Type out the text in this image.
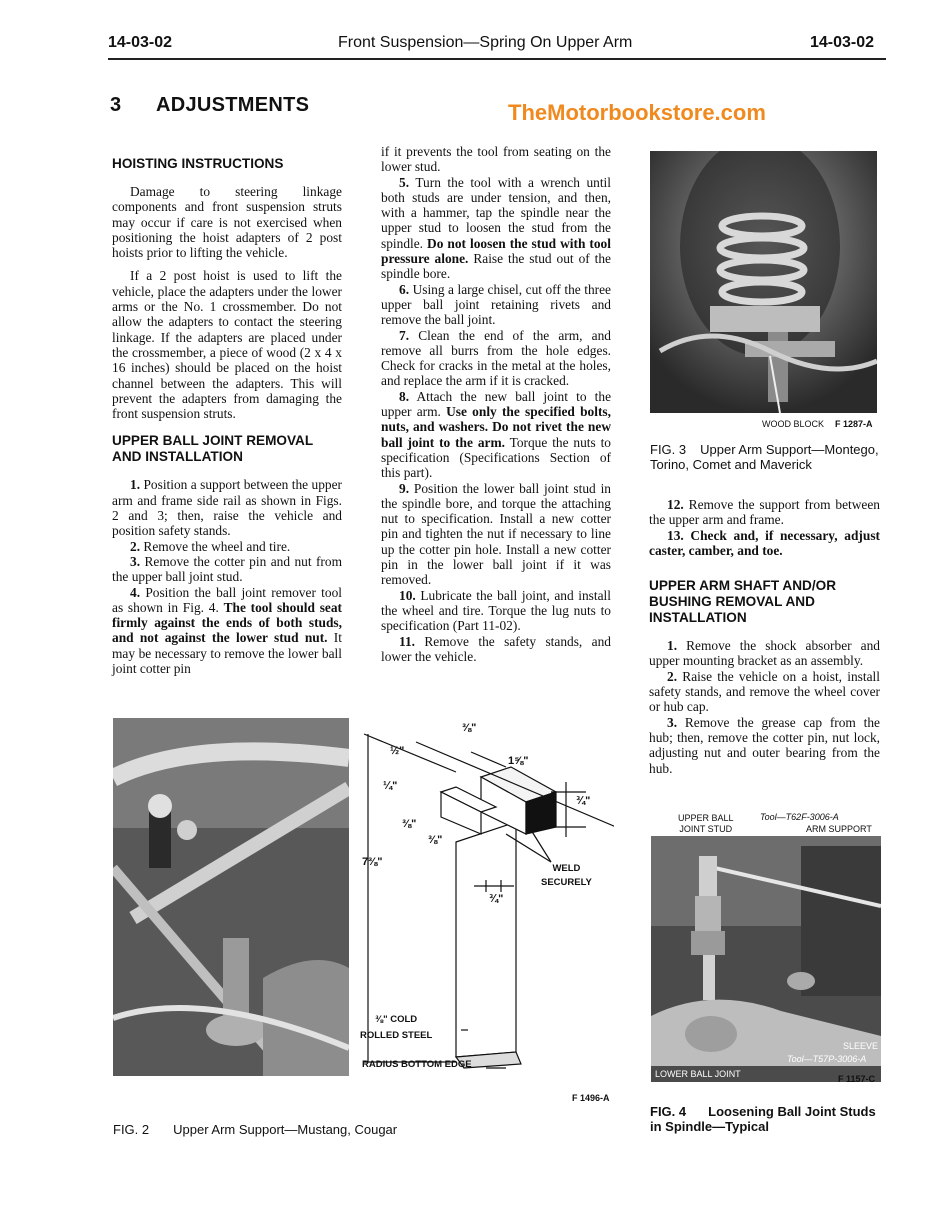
14-03-02	Front Suspension—Spring On Upper Arm	14-03-02
3 ADJUSTMENTS	TheMotorbookstore.com
HOISTING INSTRUCTIONS

Damage to steering linkage components and front suspension struts may occur if care is not exercised when positioning the hoist adapters of 2 post hoists prior to lifting the vehicle.

If a 2 post hoist is used to lift the vehicle, place the adapters under the lower arms or the No. 1 crossmember. Do not allow the adapters to contact the steering linkage. If the adapters are placed under the crossmember, a piece of wood (2 x 4 x 16 inches) should be placed on the hoist channel between the adapters. This will prevent the adapters from damaging the front suspension struts.

UPPER BALL JOINT REMOVAL AND INSTALLATION

1. Position a support between the upper arm and frame side rail as shown in Figs. 2 and 3; then, raise the vehicle and position safety stands.

2. Remove the wheel and tire.

3. Remove the cotter pin and nut from the upper ball joint stud.

4. Position the ball joint remover tool as shown in Fig. 4. The tool should seat firmly against the ends of both studs, and not against the lower stud nut. It may be necessary to remove the lower ball joint cotter pin

if it prevents the tool from seating on the lower stud.

5. Turn the tool with a wrench until both studs are under tension, and then, with a hammer, tap the spindle near the upper stud to loosen the stud from the spindle. Do not loosen the stud with tool pressure alone. Raise the stud out of the spindle bore.

6. Using a large chisel, cut off the three upper ball joint retaining rivets and remove the ball joint.

7. Clean the end of the arm, and remove all burrs from the hole edges. Check for cracks in the metal at the holes, and replace the arm if it is cracked.

8. Attach the new ball joint to the upper arm. Use only the specified bolts, nuts, and washers. Do not rivet the new ball joint to the arm. Torque the nuts to specification (Specifications Section of this part).

9. Position the lower ball joint stud in the spindle bore, and torque the attaching nut to specification. Install a new cotter pin and tighten the nut if necessary to line up the cotter pin hole. Install a new cotter pin in the lower ball joint if it was removed.

10. Lubricate the ball joint, and install the wheel and tire. Torque the lug nuts to specification (Part 11-02).

11. Remove the safety stands, and lower the vehicle.

WOOD BLOCK F 1287-A
FIG. 3 Upper Arm Support—Montego, Torino, Comet and Maverick

12. Remove the support from between the upper arm and frame.

13. Check and, if necessary, adjust caster, camber, and toe.

UPPER ARM SHAFT AND/OR BUSHING REMOVAL AND INSTALLATION

1. Remove the shock absorber and upper mounting bracket as an assembly.

2. Raise the vehicle on a hoist, install safety stands, and remove the wheel cover or hub cap.

3. Remove the grease cap from the hub; then, remove the cotter pin, nut lock, adjusting nut and outer bearing from the hub.

UPPER BALL
JOINT STUD
Tool—T62F-3006-A
ARM SUPPORT
LOWER BALL JOINT
SLEEVE
Tool—T57P-3006-A
F 1157-C
FIG. 4 Loosening Ball Joint Studs in Spindle—Typical
⅜"
½"
1⅝"
¼"
¾"
⅜"
⅜"
7⅜"
WELD
SECURELY
¾"
⅜" COLD
ROLLED STEEL
RADIUS BOTTOM EDGE
F 1496-A
FIG. 2 Upper Arm Support—Mustang, Cougar
